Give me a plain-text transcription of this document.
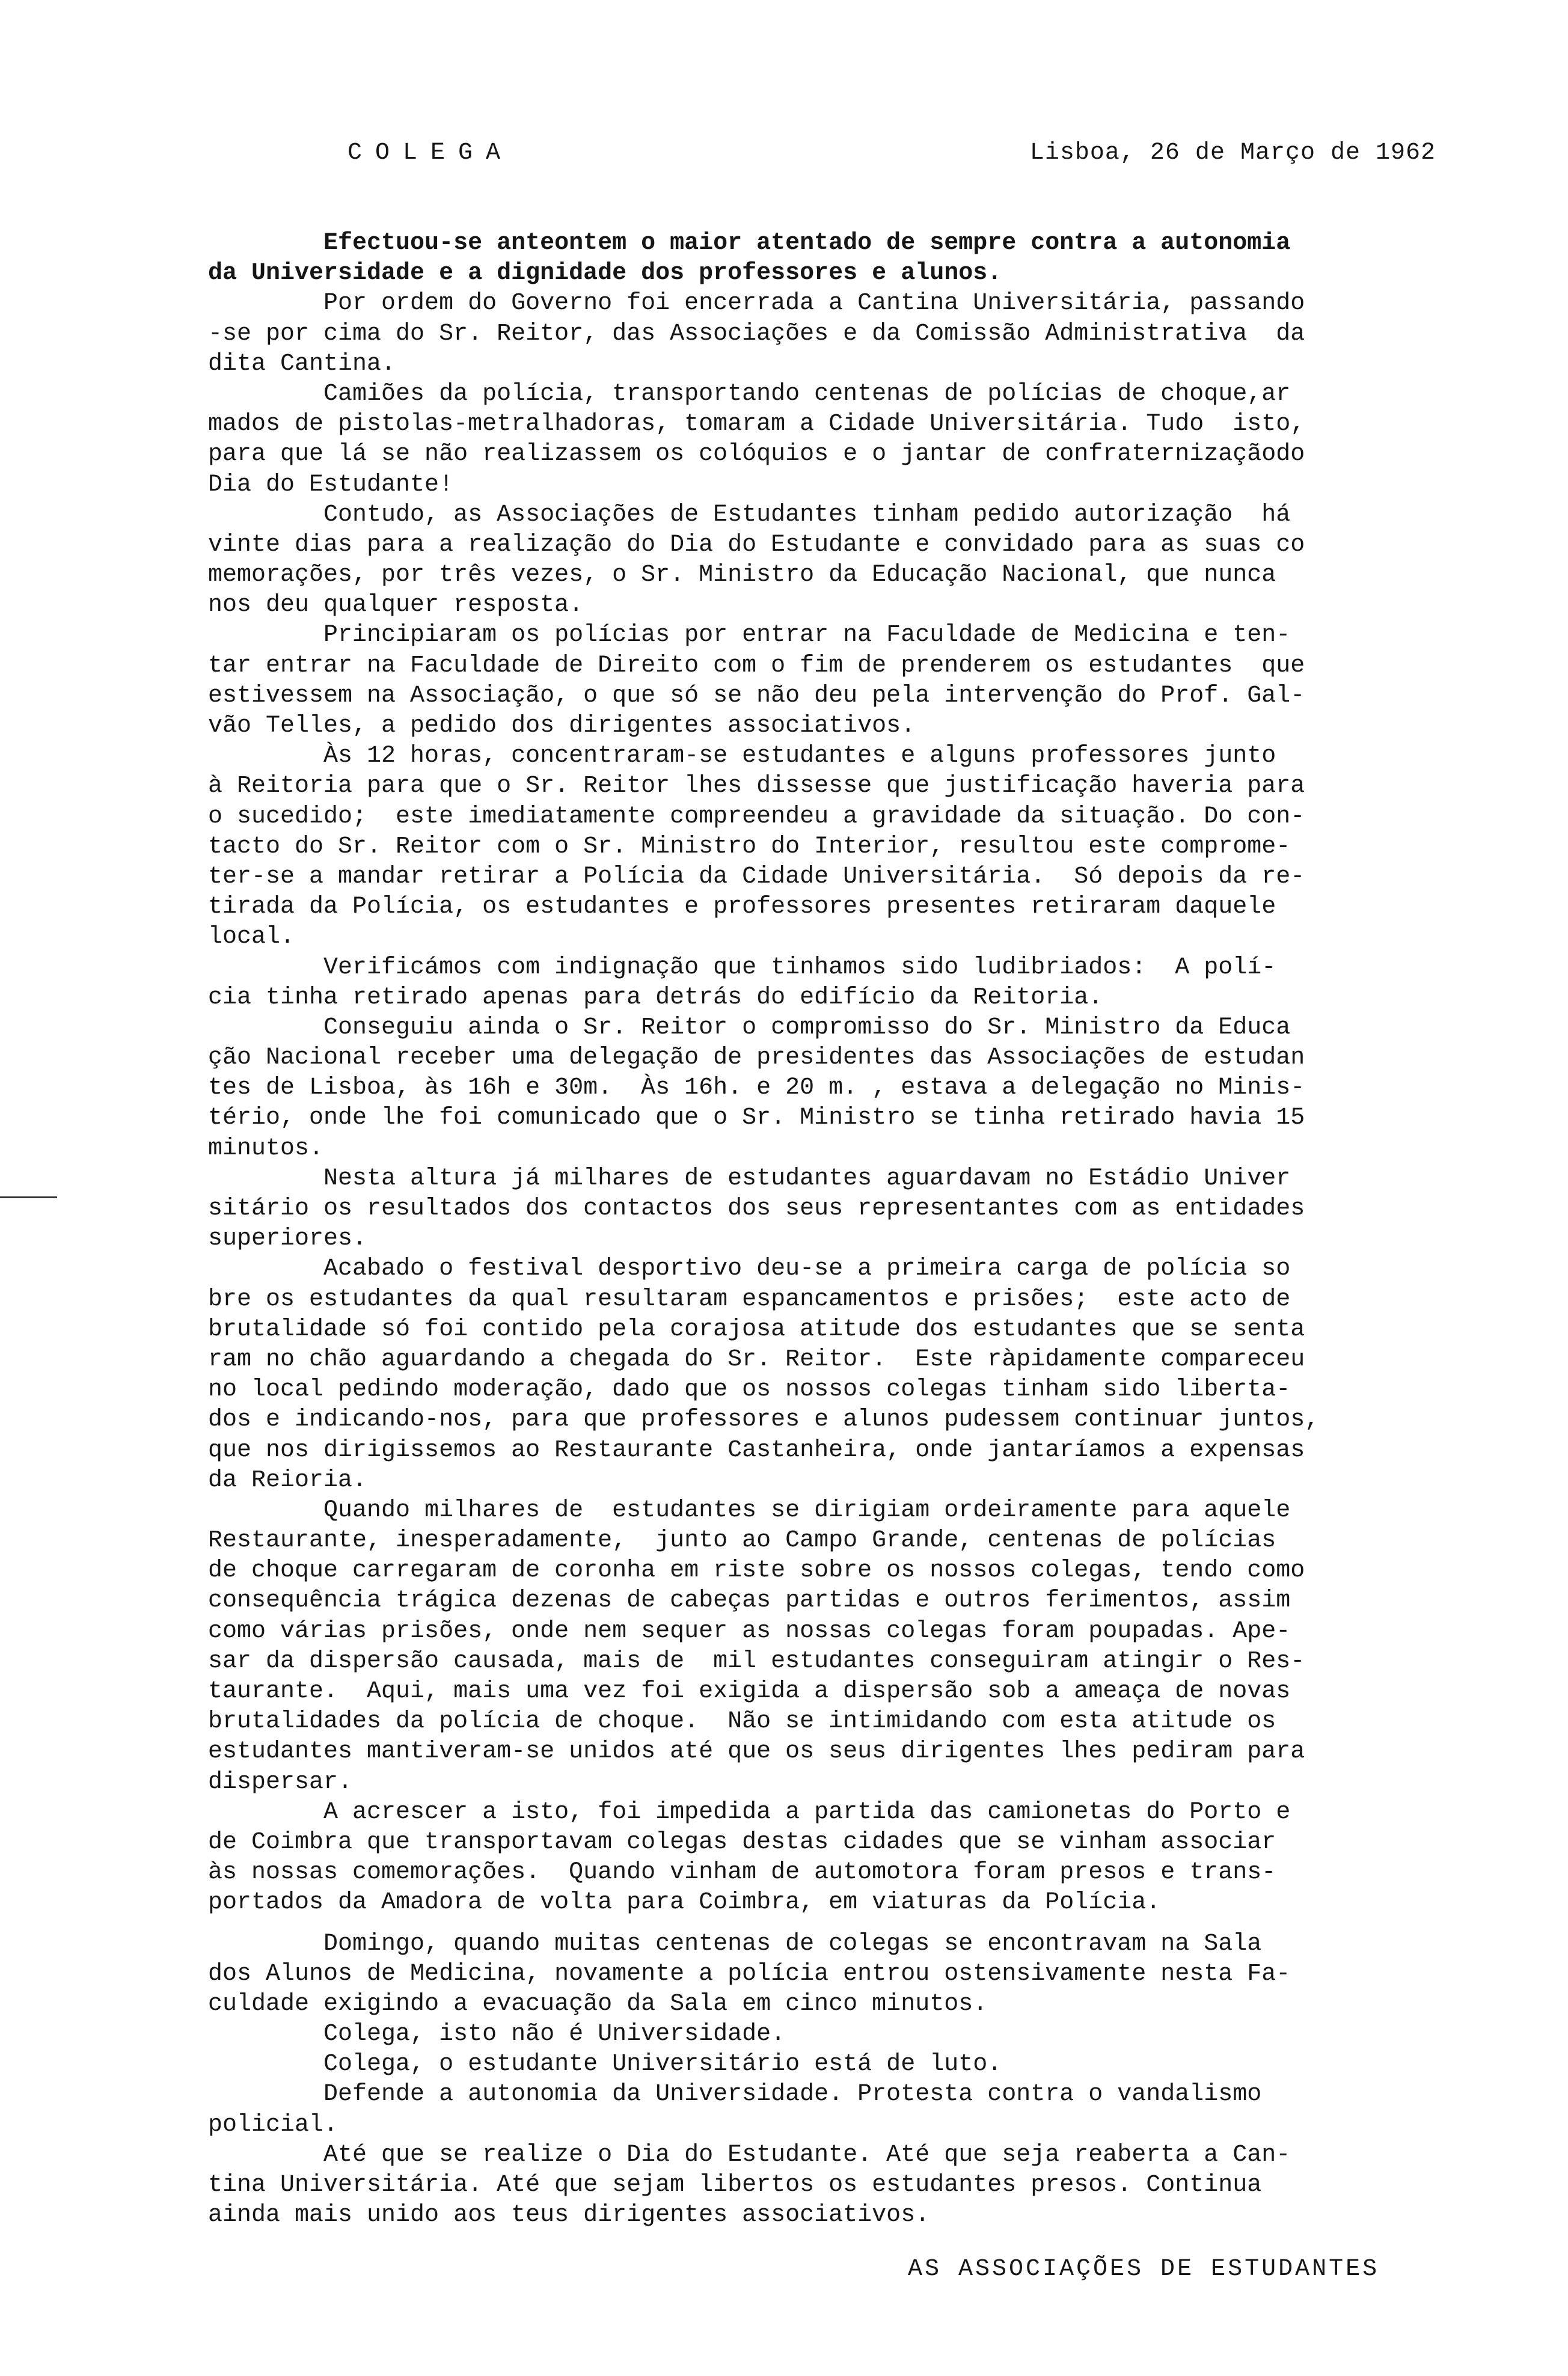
COLEGA	Lisboa, 26 de Março de 1962
Efectuou-se anteontem o maior atentado de sempre contra a autonomia
da Universidade e a dignidade dos professores e alunos.
Por ordem do Governo foi encerrada a Cantina Universitária, passando
-se por cima do Sr. Reitor, das Associações e da Comissão Administrativa  da
dita Cantina.
Camiões da polícia, transportando centenas de polícias de choque,ar
mados de pistolas-metralhadoras, tomaram a Cidade Universitária. Tudo  isto,
para que lá se não realizassem os colóquios e o jantar de confraternizaçãodo
Dia do Estudante!
Contudo, as Associações de Estudantes tinham pedido autorização  há
vinte dias para a realização do Dia do Estudante e convidado para as suas co
memorações, por três vezes, o Sr. Ministro da Educação Nacional, que nunca
nos deu qualquer resposta.
Principiaram os polícias por entrar na Faculdade de Medicina e ten-
tar entrar na Faculdade de Direito com o fim de prenderem os estudantes  que
estivessem na Associação, o que só se não deu pela intervenção do Prof. Gal-
vão Telles, a pedido dos dirigentes associativos.
Às 12 horas, concentraram-se estudantes e alguns professores junto
à Reitoria para que o Sr. Reitor lhes dissesse que justificação haveria para
o sucedido;  este imediatamente compreendeu a gravidade da situação. Do con-
tacto do Sr. Reitor com o Sr. Ministro do Interior, resultou este comprome-
ter-se a mandar retirar a Polícia da Cidade Universitária.  Só depois da re-
tirada da Polícia, os estudantes e professores presentes retiraram daquele
local.
Verificámos com indignação que tinhamos sido ludibriados:  A polí-
cia tinha retirado apenas para detrás do edifício da Reitoria.
Conseguiu ainda o Sr. Reitor o compromisso do Sr. Ministro da Educa
ção Nacional receber uma delegação de presidentes das Associações de estudan
tes de Lisboa, às 16h e 30m.  Às 16h. e 20 m. , estava a delegação no Minis-
tério, onde lhe foi comunicado que o Sr. Ministro se tinha retirado havia 15
minutos.
Nesta altura já milhares de estudantes aguardavam no Estádio Univer
sitário os resultados dos contactos dos seus representantes com as entidades
superiores.
Acabado o festival desportivo deu-se a primeira carga de polícia so
bre os estudantes da qual resultaram espancamentos e prisões;  este acto de
brutalidade só foi contido pela corajosa atitude dos estudantes que se senta
ram no chão aguardando a chegada do Sr. Reitor.  Este ràpidamente compareceu
no local pedindo moderação, dado que os nossos colegas tinham sido liberta-
dos e indicando-nos, para que professores e alunos pudessem continuar juntos,
que nos dirigissemos ao Restaurante Castanheira, onde jantaríamos a expensas
da Reioria.
Quando milhares de  estudantes se dirigiam ordeiramente para aquele
Restaurante, inesperadamente,  junto ao Campo Grande, centenas de polícias
de choque carregaram de coronha em riste sobre os nossos colegas, tendo como
consequência trágica dezenas de cabeças partidas e outros ferimentos, assim
como várias prisões, onde nem sequer as nossas colegas foram poupadas. Ape-
sar da dispersão causada, mais de  mil estudantes conseguiram atingir o Res-
taurante.  Aqui, mais uma vez foi exigida a dispersão sob a ameaça de novas
brutalidades da polícia de choque.  Não se intimidando com esta atitude os
estudantes mantiveram-se unidos até que os seus dirigentes lhes pediram para
dispersar.
A acrescer a isto, foi impedida a partida das camionetas do Porto e
de Coimbra que transportavam colegas destas cidades que se vinham associar
às nossas comemorações.  Quando vinham de automotora foram presos e trans-
portados da Amadora de volta para Coimbra, em viaturas da Polícia.
Domingo, quando muitas centenas de colegas se encontravam na Sala
dos Alunos de Medicina, novamente a polícia entrou ostensivamente nesta Fa-
culdade exigindo a evacuação da Sala em cinco minutos.
Colega, isto não é Universidade.
Colega, o estudante Universitário está de luto.
Defende a autonomia da Universidade. Protesta contra o vandalismo
policial.
Até que se realize o Dia do Estudante. Até que seja reaberta a Can-
tina Universitária. Até que sejam libertos os estudantes presos. Continua
ainda mais unido aos teus dirigentes associativos.
AS ASSOCIAÇÕES DE ESTUDANTES
